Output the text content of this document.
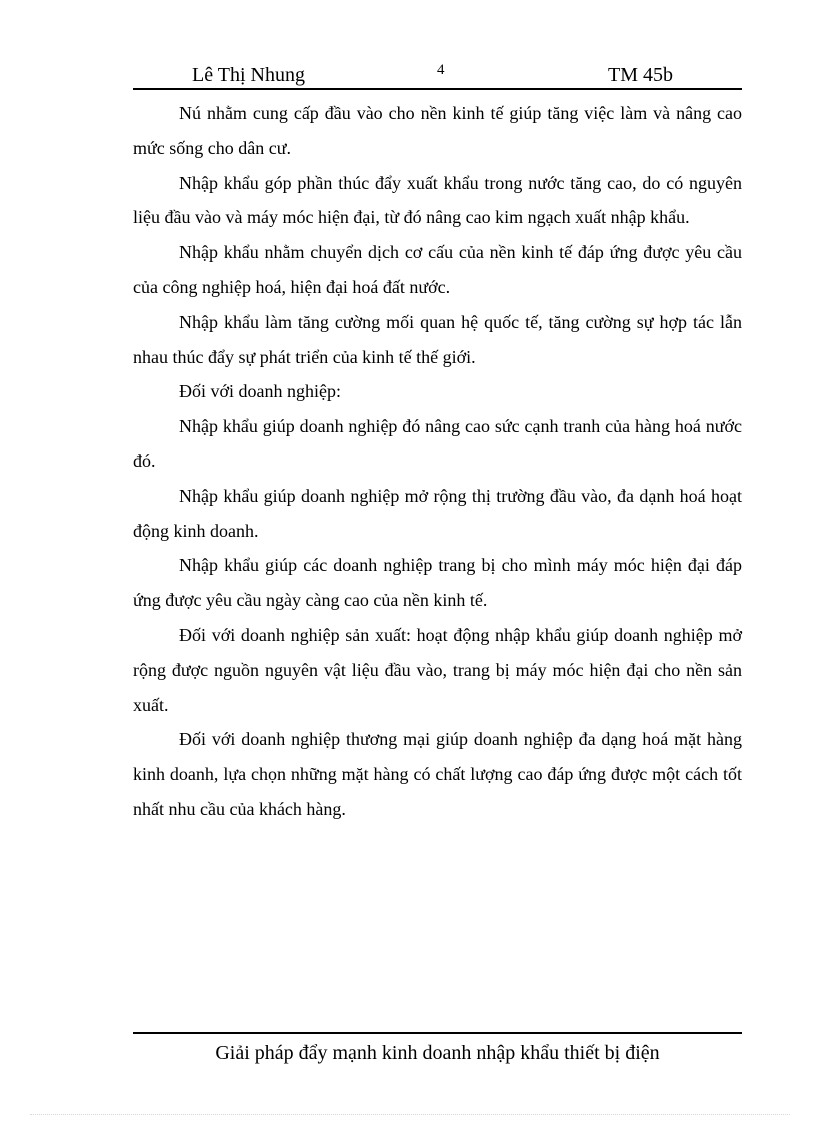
Lê Thị Nhung	4	TM 45b

Nú nhằm cung cấp đầu vào cho nền kinh tế giúp tăng việc làm và nâng cao mức sống cho dân cư.

Nhập khẩu góp phần thúc đẩy xuất khẩu trong nước tăng cao, do có nguyên liệu đầu vào và máy móc hiện đại, từ đó nâng cao kim ngạch xuất nhập khẩu.

Nhập khẩu nhằm chuyển dịch cơ cấu của nền kinh tế đáp ứng được yêu cầu của công nghiệp hoá, hiện đại hoá đất nước.

Nhập khẩu làm tăng cường mối quan hệ quốc tế, tăng cường sự hợp tác lẫn nhau thúc đẩy sự phát triển của kinh tế thế giới.

Đối với doanh nghiệp:

Nhập khẩu giúp doanh nghiệp đó nâng cao sức cạnh tranh của hàng hoá nước đó.

Nhập khẩu giúp doanh nghiệp mở rộng thị trường đầu vào, đa dạnh hoá hoạt động kinh doanh.

Nhập khẩu giúp các doanh nghiệp trang bị cho mình máy móc hiện đại đáp ứng được yêu cầu ngày càng cao của nền kinh tế.

Đối với doanh nghiệp sản xuất: hoạt động nhập khẩu giúp doanh nghiệp mở rộng được nguồn nguyên vật liệu đầu vào, trang bị máy móc hiện đại cho nền sản xuất.

Đối với doanh nghiệp thương mại giúp doanh nghiệp đa dạng hoá mặt hàng kinh doanh, lựa chọn những mặt hàng có chất lượng cao đáp ứng được một cách tốt nhất nhu cầu của khách hàng.

Giải pháp đẩy mạnh kinh doanh nhập khẩu thiết bị điện
